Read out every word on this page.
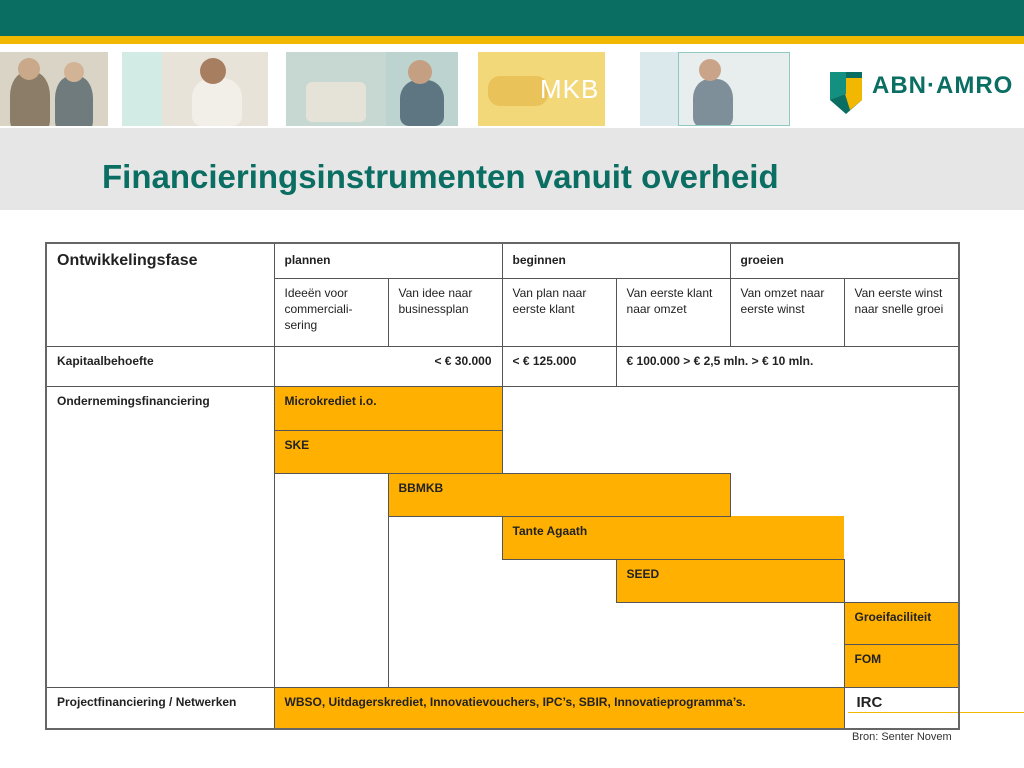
MKB	ABN·AMRO
Financieringsinstrumenten vanuit overheid
Ontwikkelingsfase	plannen		beginnen		groeien	
	Ideeën voor commerciali-sering	Van idee naar businessplan	Van plan naar eerste klant	Van eerste klant naar omzet	Van omzet naar eerste winst	Van eerste winst naar snelle groei
Kapitaalbehoefte	< € 30.000		< € 125.000	€ 100.000 > € 2,5 mln. > € 10 mln.		
Ondernemingsfinanciering	Microkrediet i.o.					
	SKE					
		BBMKB				
			Tante Agaath			
				SEED		
						Groeifaciliteit
						FOM
Projectfinanciering / Netwerken	WBSO, Uitdagerskrediet, Innovatievouchers, IPC’s, SBIR, Innovatieprogramma’s.					IRC
Bron: Senter Novem
